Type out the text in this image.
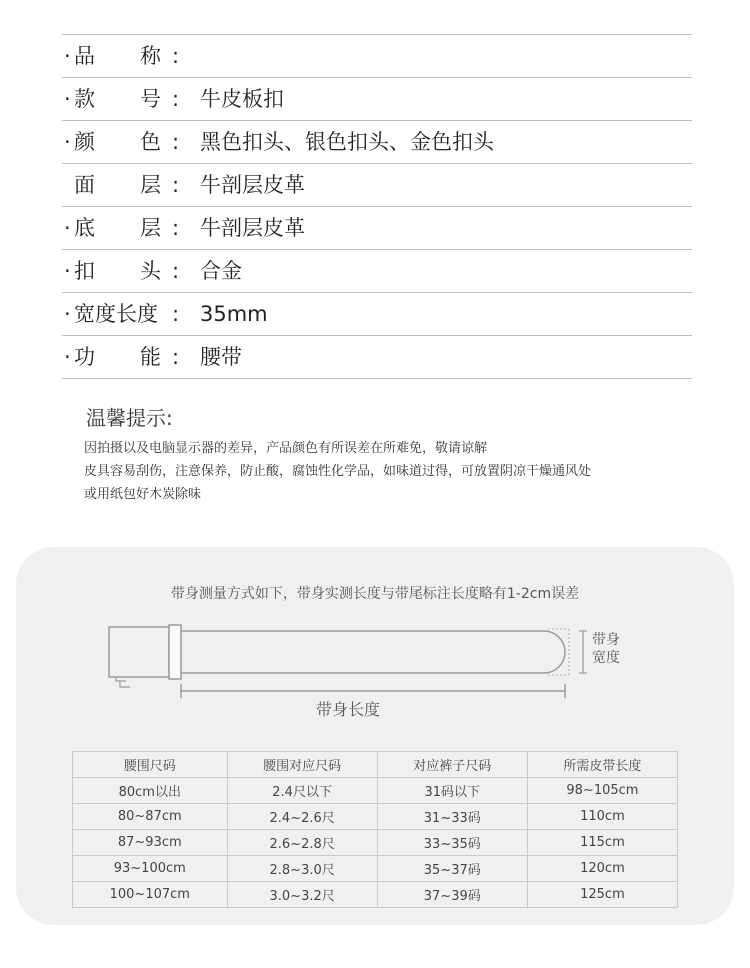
· 品 称 :
· 款 号 : 牛皮板扣
· 颜 色 : 黑色扣头、银色扣头、金色扣头
面 层 : 牛剖层皮革
· 底 层 : 牛剖层皮革
· 扣 头 : 合金
· 宽度长度 : 35mm
· 功 能 : 腰带
温馨提示:
因拍摄以及电脑显示器的差异，产品颜色有所误差在所难免，敬请谅解
皮具容易刮伤，注意保养，防止酸，腐蚀性化学品，如味道过得，可放置阴凉干燥通风处
或用纸包好木炭除味
带身测量方式如下，带身实测长度与带尾标注长度略有1-2cm误差
带身
宽度
带身长度
腰围尺码	腰围对应尺码	对应裤子尺码	所需皮带长度
80cm以出	2.4尺以下	31码以下	98~105cm
80~87cm	2.4~2.6尺	31~33码	110cm
87~93cm	2.6~2.8尺	33~35码	115cm
93~100cm	2.8~3.0尺	35~37码	120cm
100~107cm	3.0~3.2尺	37~39码	125cm
